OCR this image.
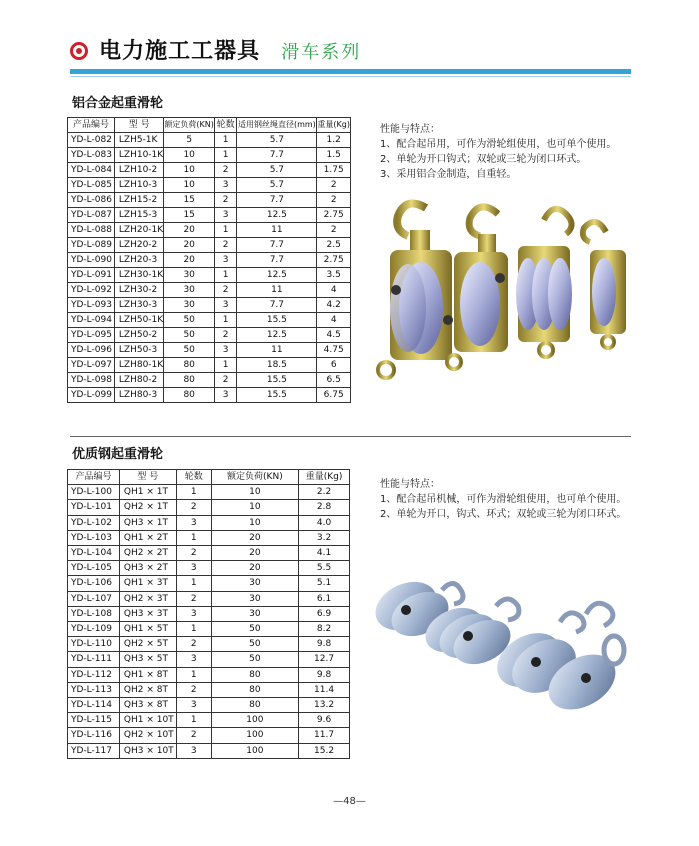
电力施工工器具 滑车系列
铝合金起重滑轮
产品编号	型 号	额定负荷(KN)	轮数	适用钢丝绳直径(mm)	重量(Kg)
YD-L-082	LZH5-1K	5	1	5.7	1.2
YD-L-083	LZH10-1K	10	1	7.7	1.5
YD-L-084	LZH10-2	10	2	5.7	1.75
YD-L-085	LZH10-3	10	3	5.7	2
YD-L-086	LZH15-2	15	2	7.7	2
YD-L-087	LZH15-3	15	3	12.5	2.75
YD-L-088	LZH20-1K	20	1	11	2
YD-L-089	LZH20-2	20	2	7.7	2.5
YD-L-090	LZH20-3	20	3	7.7	2.75
YD-L-091	LZH30-1K	30	1	12.5	3.5
YD-L-092	LZH30-2	30	2	11	4
YD-L-093	LZH30-3	30	3	7.7	4.2
YD-L-094	LZH50-1K	50	1	15.5	4
YD-L-095	LZH50-2	50	2	12.5	4.5
YD-L-096	LZH50-3	50	3	11	4.75
YD-L-097	LZH80-1K	80	1	18.5	6
YD-L-098	LZH80-2	80	2	15.5	6.5
YD-L-099	LZH80-3	80	3	15.5	6.75
性能与特点：
1、配合起吊用，可作为滑轮组使用，也可单个使用。
2、单轮为开口钩式；双轮或三轮为闭口环式。
3、采用铝合金制造，自重轻。
优质钢起重滑轮
产品编号	型 号	轮数	额定负荷(KN)	重量(Kg)
YD-L-100	QH1 × 1T	1	10	2.2
YD-L-101	QH2 × 1T	2	10	2.8
YD-L-102	QH3 × 1T	3	10	4.0
YD-L-103	QH1 × 2T	1	20	3.2
YD-L-104	QH2 × 2T	2	20	4.1
YD-L-105	QH3 × 2T	3	20	5.5
YD-L-106	QH1 × 3T	1	30	5.1
YD-L-107	QH2 × 3T	2	30	6.1
YD-L-108	QH3 × 3T	3	30	6.9
YD-L-109	QH1 × 5T	1	50	8.2
YD-L-110	QH2 × 5T	2	50	9.8
YD-L-111	QH3 × 5T	3	50	12.7
YD-L-112	QH1 × 8T	1	80	9.8
YD-L-113	QH2 × 8T	2	80	11.4
YD-L-114	QH3 × 8T	3	80	13.2
YD-L-115	QH1 × 10T	1	100	9.6
YD-L-116	QH2 × 10T	2	100	11.7
YD-L-117	QH3 × 10T	3	100	15.2
性能与特点：
1、配合起吊机械，可作为滑轮组使用，也可单个使用。
2、单轮为开口，钩式、环式；双轮或三轮为闭口环式。
—48—
